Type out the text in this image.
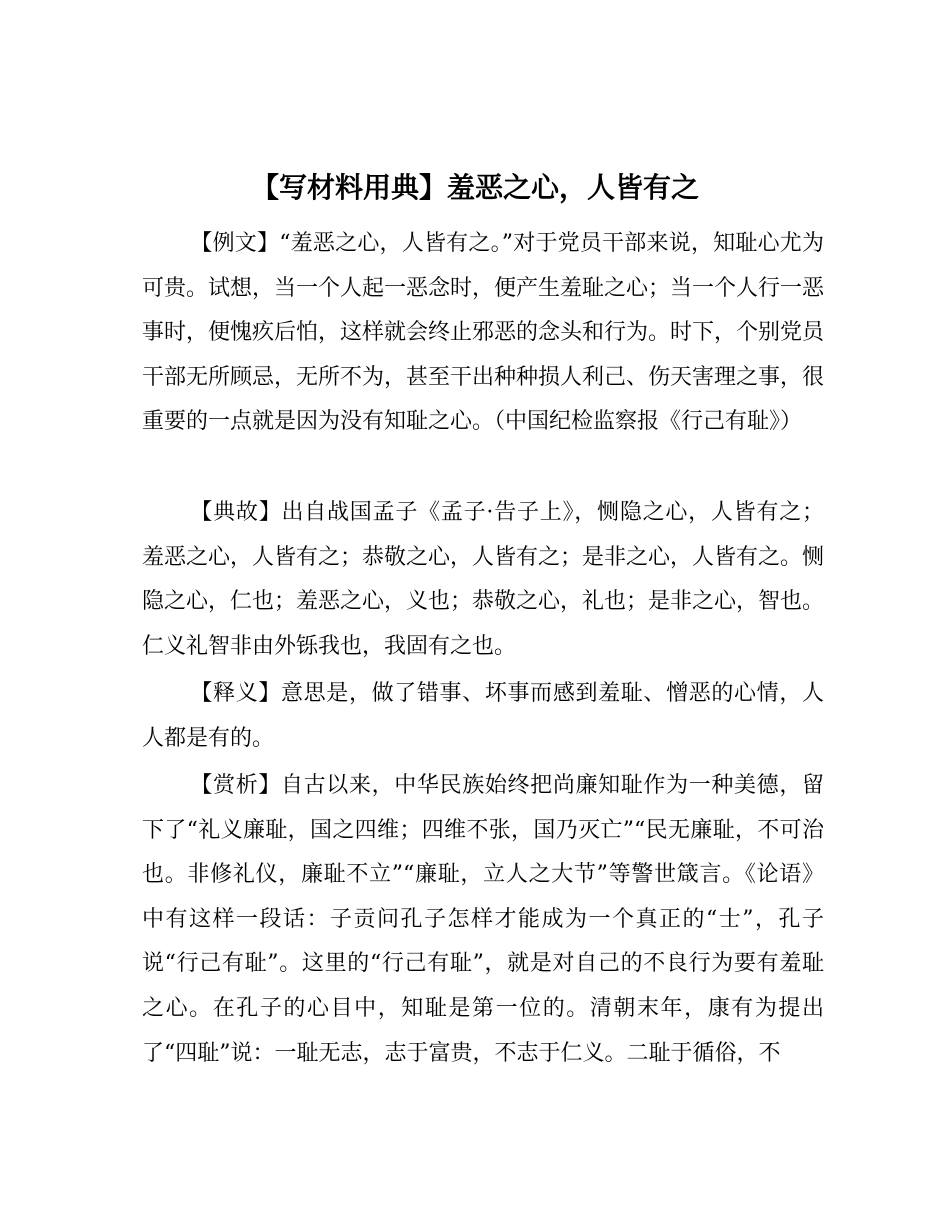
【写材料用典】羞恶之心，人皆有之

【例文】“羞恶之心，人皆有之。”对于党员干部来说，知耻心尤为可贵。试想，当一个人起一恶念时，便产生羞耻之心；当一个人行一恶事时，便愧疚后怕，这样就会终止邪恶的念头和行为。时下，个别党员干部无所顾忌，无所不为，甚至干出种种损人利己、伤天害理之事，很重要的一点就是因为没有知耻之心。（中国纪检监察报《行己有耻》）

【典故】出自战国孟子《孟子·告子上》，恻隐之心，人皆有之；羞恶之心，人皆有之；恭敬之心，人皆有之；是非之心，人皆有之。恻隐之心，仁也；羞恶之心，义也；恭敬之心，礼也；是非之心，智也。仁义礼智非由外铄我也，我固有之也。

【释义】意思是，做了错事、坏事而感到羞耻、憎恶的心情，人人都是有的。

【赏析】自古以来，中华民族始终把尚廉知耻作为一种美德，留下了“礼义廉耻，国之四维；四维不张，国乃灭亡”“民无廉耻，不可治也。非修礼仪，廉耻不立”“廉耻，立人之大节”等警世箴言。《论语》中有这样一段话：子贡问孔子怎样才能成为一个真正的“士”，孔子说“行己有耻”。这里的“行己有耻”，就是对自己的不良行为要有羞耻之心。在孔子的心目中，知耻是第一位的。清朝末年，康有为提出了“四耻”说：一耻无志，志于富贵，不志于仁义。二耻于循俗，不
